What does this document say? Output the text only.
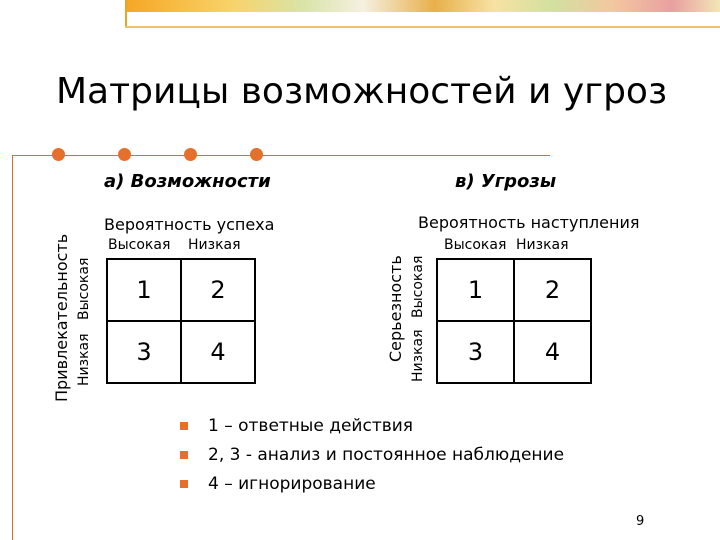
Матрицы возможностей и угроз
а) Возможности
Вероятность успеха
Высокая Низкая
Привлекательность Высокая
Низкая
1	2
3	4
в) Угрозы
Вероятность наступления
Высокая Низкая
Серьезность Высокая
Низкая
1	2
3	4
1 – ответные действия
2, 3 - анализ и постоянное наблюдение
4 – игнорирование
9
